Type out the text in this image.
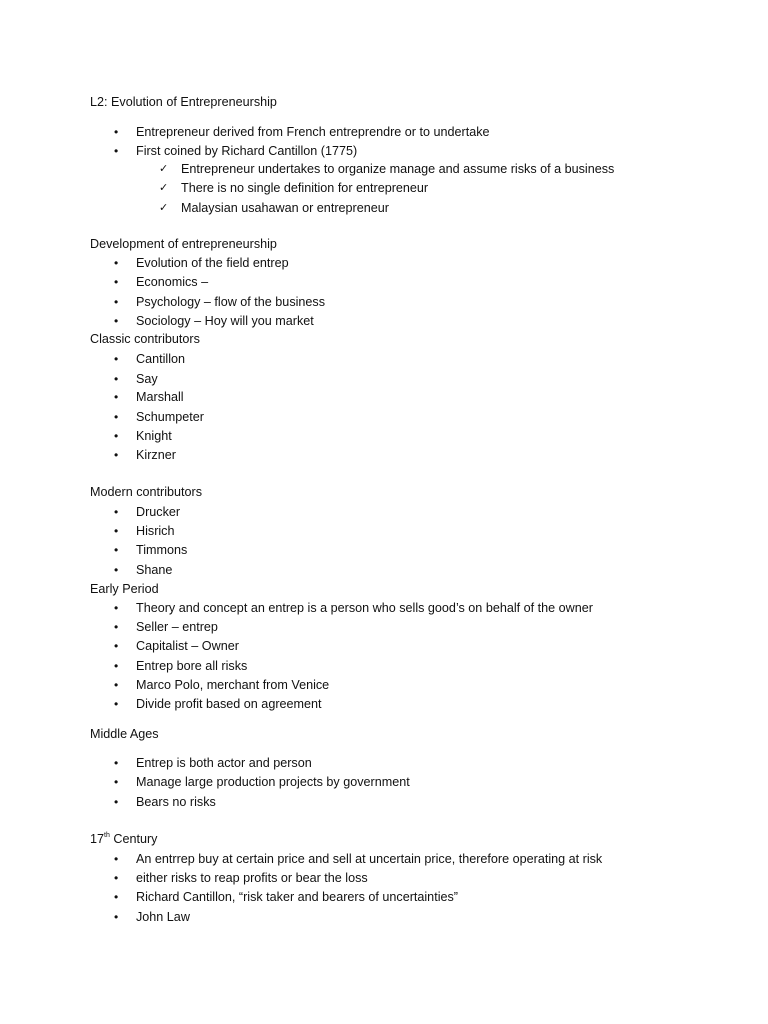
L2: Evolution of Entrepreneurship
• Entrepreneur derived from French entreprendre or to undertake
• First coined by Richard Cantillon (1775)
✓ Entrepreneur undertakes to organize manage and assume risks of a business
✓ There is no single definition for entrepreneur
✓ Malaysian usahawan or entrepreneur
Development of entrepreneurship
• Evolution of the field entrep
• Economics –
• Psychology – flow of the business
• Sociology – Hoy will you market
Classic contributors
• Cantillon
• Say
• Marshall
• Schumpeter
• Knight
• Kirzner
Modern contributors
• Drucker
• Hisrich
• Timmons
• Shane
Early Period
• Theory and concept an entrep is a person who sells good’s on behalf of the owner
• Seller – entrep
• Capitalist – Owner
• Entrep bore all risks
• Marco Polo, merchant from Venice
• Divide profit based on agreement
Middle Ages
• Entrep is both actor and person
• Manage large production projects by government
• Bears no risks
17th Century
• An entrrep buy at certain price and sell at uncertain price, therefore operating at risk
• either risks to reap profits or bear the loss
• Richard Cantillon, “risk taker and bearers of uncertainties”
• John Law
